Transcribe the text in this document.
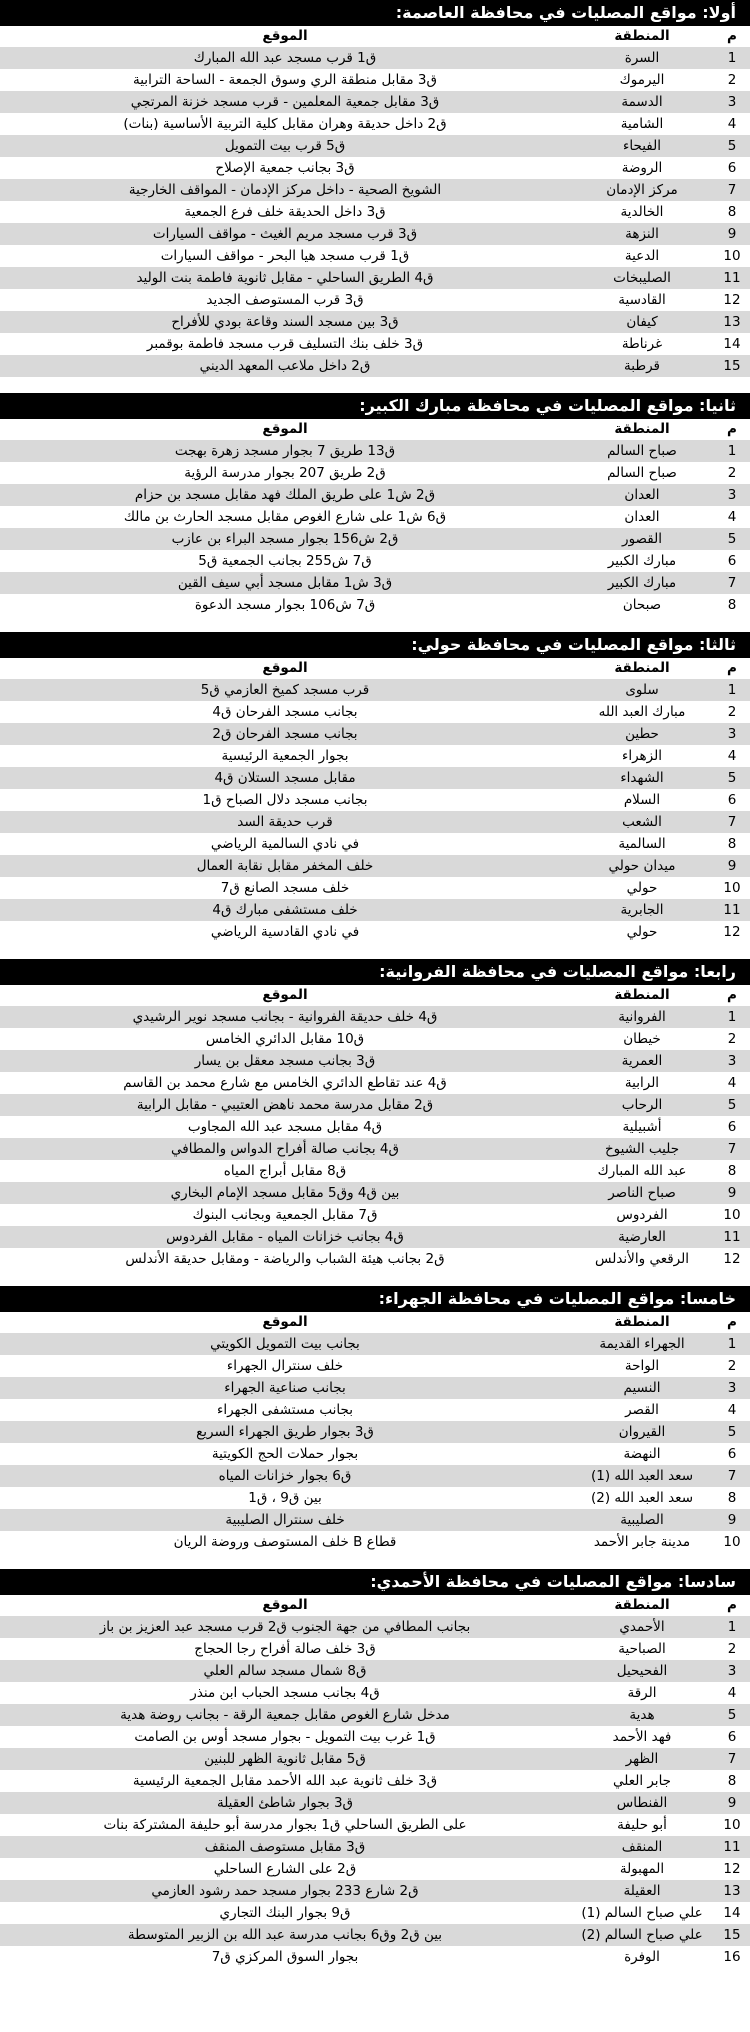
أولا: مواقع المصليات في محافظة العاصمة:
م	المنطقة	الموقع
1	السرة	ق1 قرب مسجد عبد الله المبارك
2	اليرموك	ق3 مقابل منطقة الري وسوق الجمعة - الساحة الترابية
3	الدسمة	ق3 مقابل جمعية المعلمين - قرب مسجد خزنة المرتجي
4	الشامية	ق2 داخل حديقة وهران مقابل كلية التربية الأساسية (بنات)
5	الفيحاء	ق5 قرب بيت التمويل
6	الروضة	ق3 بجانب جمعية الإصلاح
7	مركز الإدمان	الشويخ الصحية - داخل مركز الإدمان - المواقف الخارجية
8	الخالدية	ق3 داخل الحديقة خلف فرع الجمعية
9	النزهة	ق3 قرب مسجد مريم الغيث - مواقف السيارات
10	الدعية	ق1 قرب مسجد هيا البحر - مواقف السيارات
11	الصليبخات	ق4 الطريق الساحلي - مقابل ثانوية فاطمة بنت الوليد
12	القادسية	ق3 قرب المستوصف الجديد
13	كيفان	ق3 بين مسجد السند وقاعة بودي للأفراح
14	غرناطة	ق3 خلف بنك التسليف قرب مسجد فاطمة بوقمبر
15	قرطبة	ق2 داخل ملاعب المعهد الديني
ثانيا: مواقع المصليات في محافظة مبارك الكبير:
م	المنطقة	الموقع
1	صباح السالم	ق13 طريق 7 بجوار مسجد زهرة بهجت
2	صباح السالم	ق2 طريق 207 بجوار مدرسة الرؤية
3	العدان	ق2 ش1 على طريق الملك فهد مقابل مسجد بن حزام
4	العدان	ق6 ش1 على شارع الغوص مقابل مسجد الحارث بن مالك
5	القصور	ق2 ش156 بجوار مسجد البراء بن عازب
6	مبارك الكبير	ق7 ش255 بجانب الجمعية ق5
7	مبارك الكبير	ق3 ش1 مقابل مسجد أبي سيف القين
8	صبحان	ق7 ش106 بجوار مسجد الدعوة
ثالثا: مواقع المصليات في محافظة حولي:
م	المنطقة	الموقع
1	سلوى	قرب مسجد كميخ العازمي ق5
2	مبارك العبد الله	بجانب مسجد الفرحان ق4
3	حطين	بجانب مسجد الفرحان ق2
4	الزهراء	بجوار الجمعية الرئيسية
5	الشهداء	مقابل مسجد الستلان ق4
6	السلام	بجانب مسجد دلال الصباح ق1
7	الشعب	قرب حديقة السد
8	السالمية	في نادي السالمية الرياضي
9	ميدان حولي	خلف المخفر مقابل نقابة العمال
10	حولي	خلف مسجد الصانع ق7
11	الجابرية	خلف مستشفى مبارك ق4
12	حولي	في نادي القادسية الرياضي
رابعا: مواقع المصليات في محافظة الفروانية:
م	المنطقة	الموقع
1	الفروانية	ق4 خلف حديقة الفروانية - بجانب مسجد نوير الرشيدي
2	خيطان	ق10 مقابل الدائري الخامس
3	العمرية	ق3 بجانب مسجد معقل بن يسار
4	الرابية	ق4 عند تقاطع الدائري الخامس مع شارع محمد بن القاسم
5	الرحاب	ق2 مقابل مدرسة محمد ناهض العتيبي - مقابل الرابية
6	أشبيلية	ق4 مقابل مسجد عبد الله المجاوب
7	جليب الشيوخ	ق4 بجانب صالة أفراح الدواس والمطافي
8	عبد الله المبارك	ق8 مقابل أبراج المياه
9	صباح الناصر	بين ق4 وق5 مقابل مسجد الإمام البخاري
10	الفردوس	ق7 مقابل الجمعية وبجانب البنوك
11	العارضية	ق4 بجانب خزانات المياه - مقابل الفردوس
12	الرقعي والأندلس	ق2 بجانب هيئة الشباب والرياضة - ومقابل حديقة الأندلس
خامسا: مواقع المصليات في محافظة الجهراء:
م	المنطقة	الموقع
1	الجهراء القديمة	بجانب بيت التمويل الكويتي
2	الواحة	خلف سنترال الجهراء
3	النسيم	بجانب صناعية الجهراء
4	القصر	بجانب مستشفى الجهراء
5	القيروان	ق3 بجوار طريق الجهراء السريع
6	النهضة	بجوار حملات الحج الكويتية
7	سعد العبد الله (1)	ق6 بجوار خزانات المياه
8	سعد العبد الله (2)	بين ق9 ، ق1
9	الصليبية	خلف سنترال الصليبية
10	مدينة جابر الأحمد	قطاع B خلف المستوصف وروضة الريان
سادسا: مواقع المصليات في محافظة الأحمدي:
م	المنطقة	الموقع
1	الأحمدي	بجانب المطافي من جهة الجنوب ق2 قرب مسجد عبد العزيز بن باز
2	الصباحية	ق3 خلف صالة أفراح رجا الحجاج
3	الفحيحيل	ق8 شمال مسجد سالم العلي
4	الرقة	ق4 بجانب مسجد الحباب ابن منذر
5	هدية	مدخل شارع الغوص مقابل جمعية الرقة - بجانب روضة هدية
6	فهد الأحمد	ق1 غرب بيت التمويل - بجوار مسجد أوس بن الصامت
7	الظهر	ق5 مقابل ثانوية الظهر للبنين
8	جابر العلي	ق3 خلف ثانوية عبد الله الأحمد مقابل الجمعية الرئيسية
9	الفنطاس	ق3 بجوار شاطئ العقيلة
10	أبو حليفة	على الطريق الساحلي ق1 بجوار مدرسة أبو حليفة المشتركة بنات
11	المنقف	ق3 مقابل مستوصف المنقف
12	المهبولة	ق2 على الشارع الساحلي
13	العقيلة	ق2 شارع 233 بجوار مسجد حمد رشود العازمي
14	علي صباح السالم (1)	ق9 بجوار البنك التجاري
15	علي صباح السالم (2)	بين ق2 وق6 بجانب مدرسة عبد الله بن الزبير المتوسطة
16	الوفرة	بجوار السوق المركزي ق7
